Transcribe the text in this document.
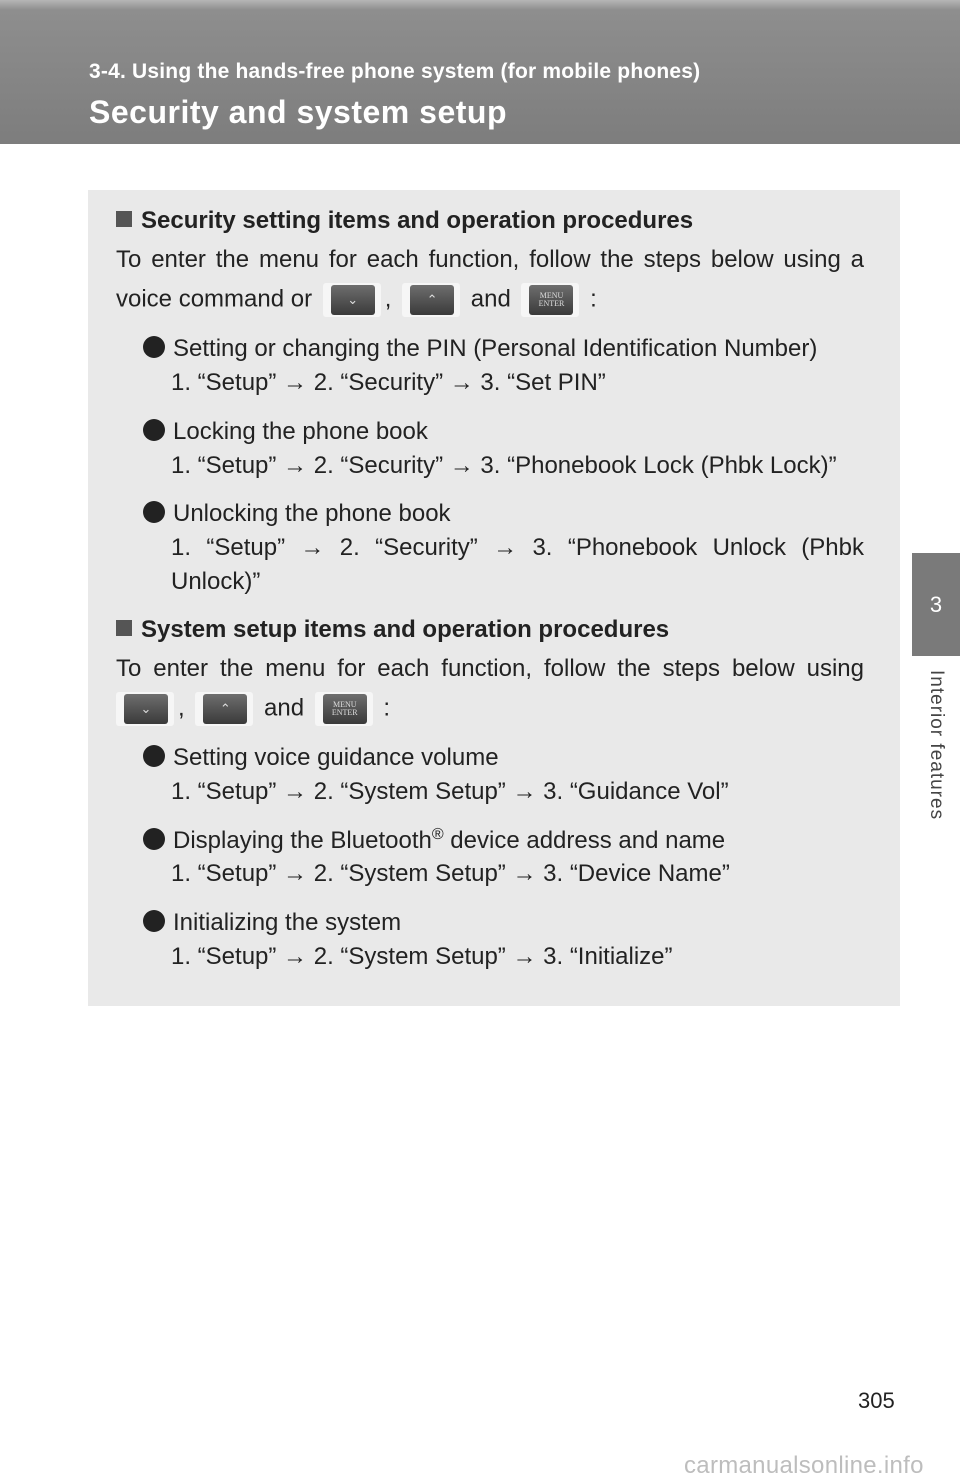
3-4. Using the hands-free phone system (for mobile phones)
Security and system setup
3
Interior features
Security setting items and operation procedures
To enter the menu for each function, follow the steps below using a
voice command or	⌄	,	⌃	and	MENU
ENTER :
Setting or changing the PIN (Personal Identification Number)
1. “Setup” → 2. “Security” → 3. “Set PIN”
Locking the phone book
1. “Setup” → 2. “Security” → 3. “Phonebook Lock (Phbk Lock)”
Unlocking the phone book
1. “Setup” → 2. “Security” → 3. “Phonebook Unlock (Phbk
Unlock)”
System setup items and operation procedures
To enter the menu for each function, follow the steps below using
⌄	,	⌃	and	MENU
ENTER :
Setting voice guidance volume
1. “Setup” → 2. “System Setup” → 3. “Guidance Vol”
Displaying the Bluetooth® device address and name
1. “Setup” → 2. “System Setup” → 3. “Device Name”
Initializing the system
1. “Setup” → 2. “System Setup” → 3. “Initialize”
305
carmanualsonline.info
